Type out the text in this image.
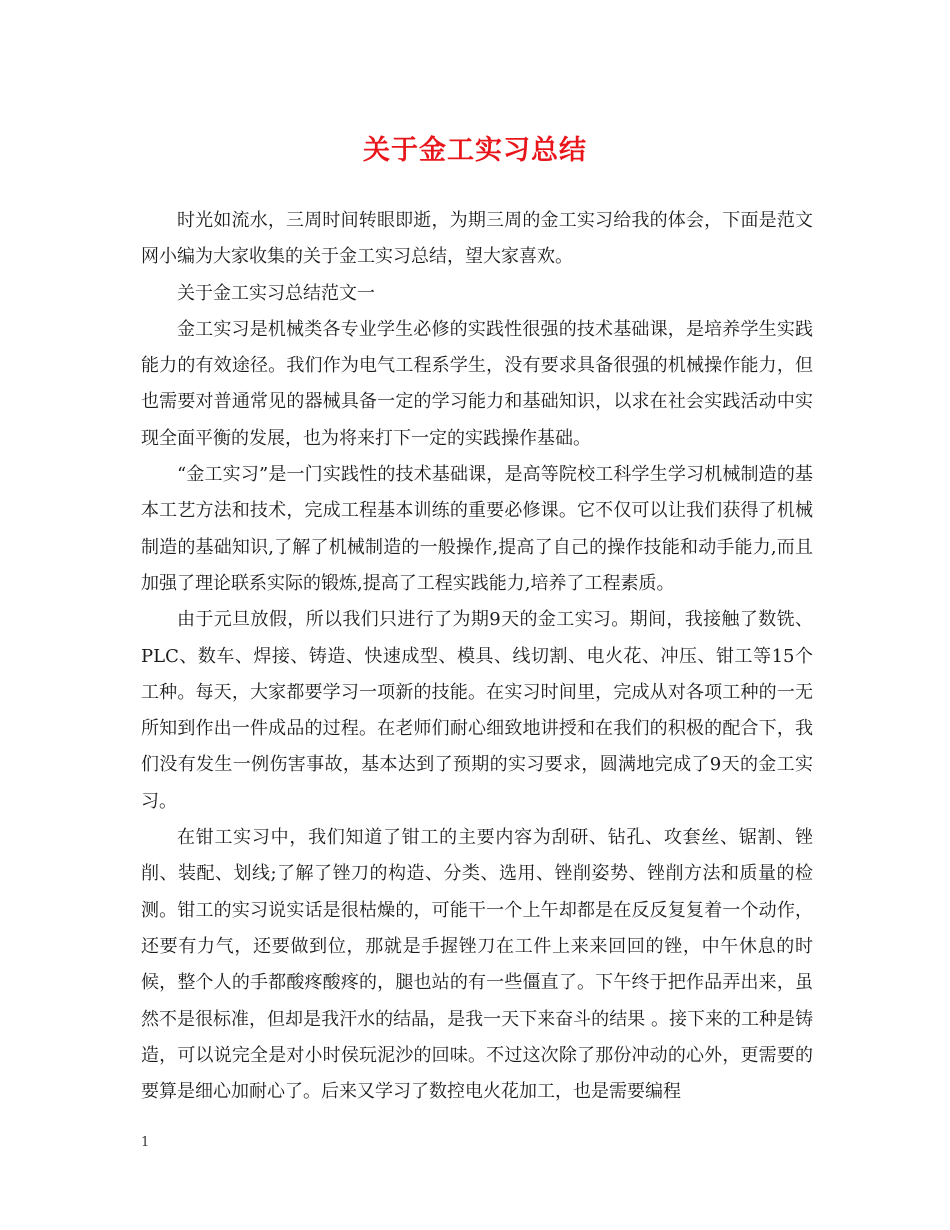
关于金工实习总结

时光如流水，三周时间转眼即逝，为期三周的金工实习给我的体会，下面是范文网小编为大家收集的关于金工实习总结，望大家喜欢。

关于金工实习总结范文一

金工实习是机械类各专业学生必修的实践性很强的技术基础课，是培养学生实践能力的有效途径。我们作为电气工程系学生，没有要求具备很强的机械操作能力，但也需要对普通常见的器械具备一定的学习能力和基础知识，以求在社会实践活动中实现全面平衡的发展，也为将来打下一定的实践操作基础。

“金工实习”是一门实践性的技术基础课，是高等院校工科学生学习机械制造的基本工艺方法和技术，完成工程基本训练的重要必修课。它不仅可以让我们获得了机械制造的基础知识,了解了机械制造的一般操作,提高了自己的操作技能和动手能力,而且加强了理论联系实际的锻炼,提高了工程实践能力,培养了工程素质。

由于元旦放假，所以我们只进行了为期9天的金工实习。期间，我接触了数铣、PLC、数车、焊接、铸造、快速成型、模具、线切割、电火花、冲压、钳工等15个工种。每天，大家都要学习一项新的技能。在实习时间里，完成从对各项工种的一无所知到作出一件成品的过程。在老师们耐心细致地讲授和在我们的积极的配合下，我们没有发生一例伤害事故，基本达到了预期的实习要求，圆满地完成了9天的金工实习。

在钳工实习中，我们知道了钳工的主要内容为刮研、钻孔、攻套丝、锯割、锉削、装配、划线;了解了锉刀的构造、分类、选用、锉削姿势、锉削方法和质量的检测。钳工的实习说实话是很枯燥的，可能干一个上午却都是在反反复复着一个动作，还要有力气，还要做到位，那就是手握锉刀在工件上来来回回的锉，中午休息的时候，整个人的手都酸疼酸疼的，腿也站的有一些僵直了。下午终于把作品弄出来，虽然不是很标准，但却是我汗水的结晶，是我一天下来奋斗的结果 。接下来的工种是铸造，可以说完全是对小时侯玩泥沙的回味。不过这次除了那份冲动的心外，更需要的要算是细心加耐心了。后来又学习了数控电火花加工，也是需要编程

1
